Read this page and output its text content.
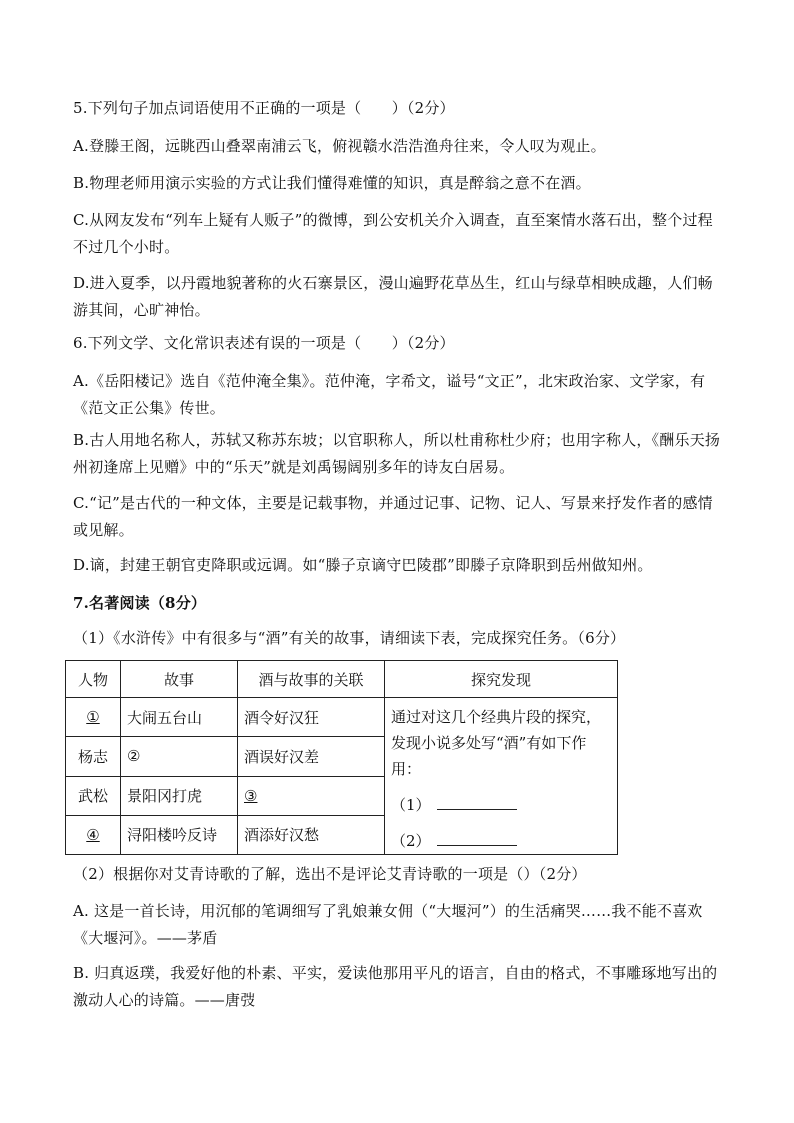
5.下列句子加点词语使用不正确的一项是（　　）（2分）
A.登滕王阁，远眺西山叠翠南浦云飞，俯视赣水浩浩渔舟往来，令人叹为观止。
B.物理老师用演示实验的方式让我们懂得难懂的知识，真是醉翁之意不在酒。
C.从网友发布“列车上疑有人贩子”的微博，到公安机关介入调查，直至案情水落石出，整个过程不过几个小时。
D.进入夏季，以丹霞地貌著称的火石寨景区，漫山遍野花草丛生，红山与绿草相映成趣，人们畅游其间，心旷神怡。
6.下列文学、文化常识表述有误的一项是（　　）（2分）
A.《岳阳楼记》选自《范仲淹全集》。范仲淹，字希文，谥号“文正”，北宋政治家、文学家，有《范文正公集》传世。
B.古人用地名称人，苏轼又称苏东坡；以官职称人，所以杜甫称杜少府；也用字称人，《酬乐天扬州初逢席上见赠》中的“乐天”就是刘禹锡阔别多年的诗友白居易。
C.“记”是古代的一种文体，主要是记载事物，并通过记事、记物、记人、写景来抒发作者的感情或见解。
D.谪，封建王朝官吏降职或远调。如“滕子京谪守巴陵郡”即滕子京降职到岳州做知州。
7.名著阅读（8分）
（1）《水浒传》中有很多与“酒”有关的故事，请细读下表，完成探究任务。（6分）
人物	故事	酒与故事的关联	探究发现
①	大闹五台山	酒令好汉狂	通过对这几个经典片段的探究，发现小说多处写“酒”有如下作用：
（1）
（2）

杨志	②	酒误好汉差	
武松	景阳冈打虎	③	
④	浔阳楼吟反诗	酒添好汉愁	
（2）根据你对艾青诗歌的了解，选出不是评论艾青诗歌的一项是（）（2分）
A. 这是一首长诗，用沉郁的笔调细写了乳娘兼女佣（“大堰河”）的生活痛哭……我不能不喜欢《大堰河》。——茅盾
B. 归真返璞，我爱好他的朴素、平实，爱读他那用平凡的语言，自由的格式，不事雕琢地写出的激动人心的诗篇。——唐弢
